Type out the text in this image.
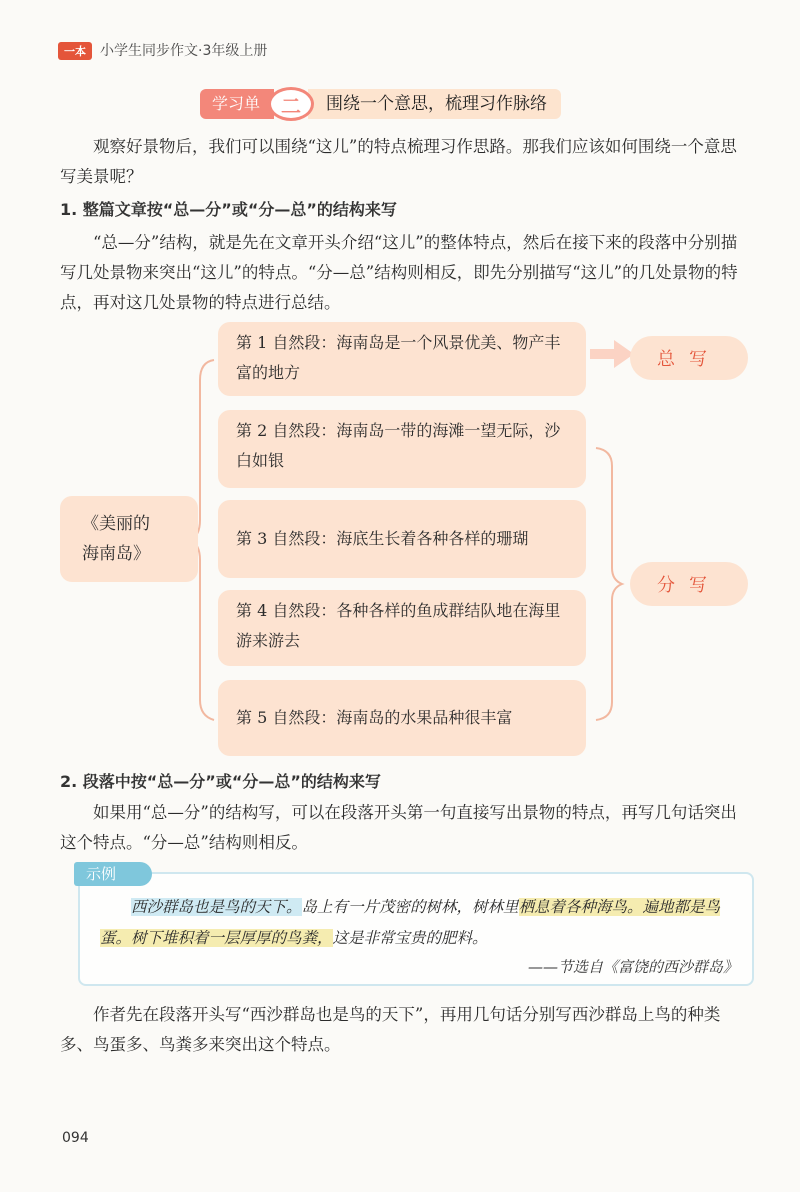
一本	小学生同步作文·3年级上册
学习单	二	围绕一个意思，梳理习作脉络

观察好景物后，我们可以围绕“这儿”的特点梳理习作思路。那我们应该如何围绕一个意思写美景呢？

1. 整篇文章按“总—分”或“分—总”的结构来写

“总—分”结构，就是先在文章开头介绍“这儿”的整体特点，然后在接下来的段落中分别描写几处景物来突出“这儿”的特点。“分—总”结构则相反，即先分别描写“这儿”的几处景物的特点，再对这几处景物的特点进行总结。

《美丽的
海南岛》
第 1 自然段：海南岛是一个风景优美、物产丰富的地方
第 2 自然段：海南岛一带的海滩一望无际，沙白如银
第 3 自然段：海底生长着各种各样的珊瑚
第 4 自然段：各种各样的鱼成群结队地在海里游来游去
第 5 自然段：海南岛的水果品种很丰富
总写
分写
2. 段落中按“总—分”或“分—总”的结构来写

如果用“总—分”的结构写，可以在段落开头第一句直接写出景物的特点，再写几句话突出这个特点。“分—总”结构则相反。

示例
西沙群岛也是鸟的天下。岛上有一片茂密的树林，树林里栖息着各种海鸟。遍地都是鸟蛋。树下堆积着一层厚厚的鸟粪，这是非常宝贵的肥料。
——节选自《富饶的西沙群岛》

作者先在段落开头写“西沙群岛也是鸟的天下”，再用几句话分别写西沙群岛上鸟的种类多、鸟蛋多、鸟粪多来突出这个特点。

094
